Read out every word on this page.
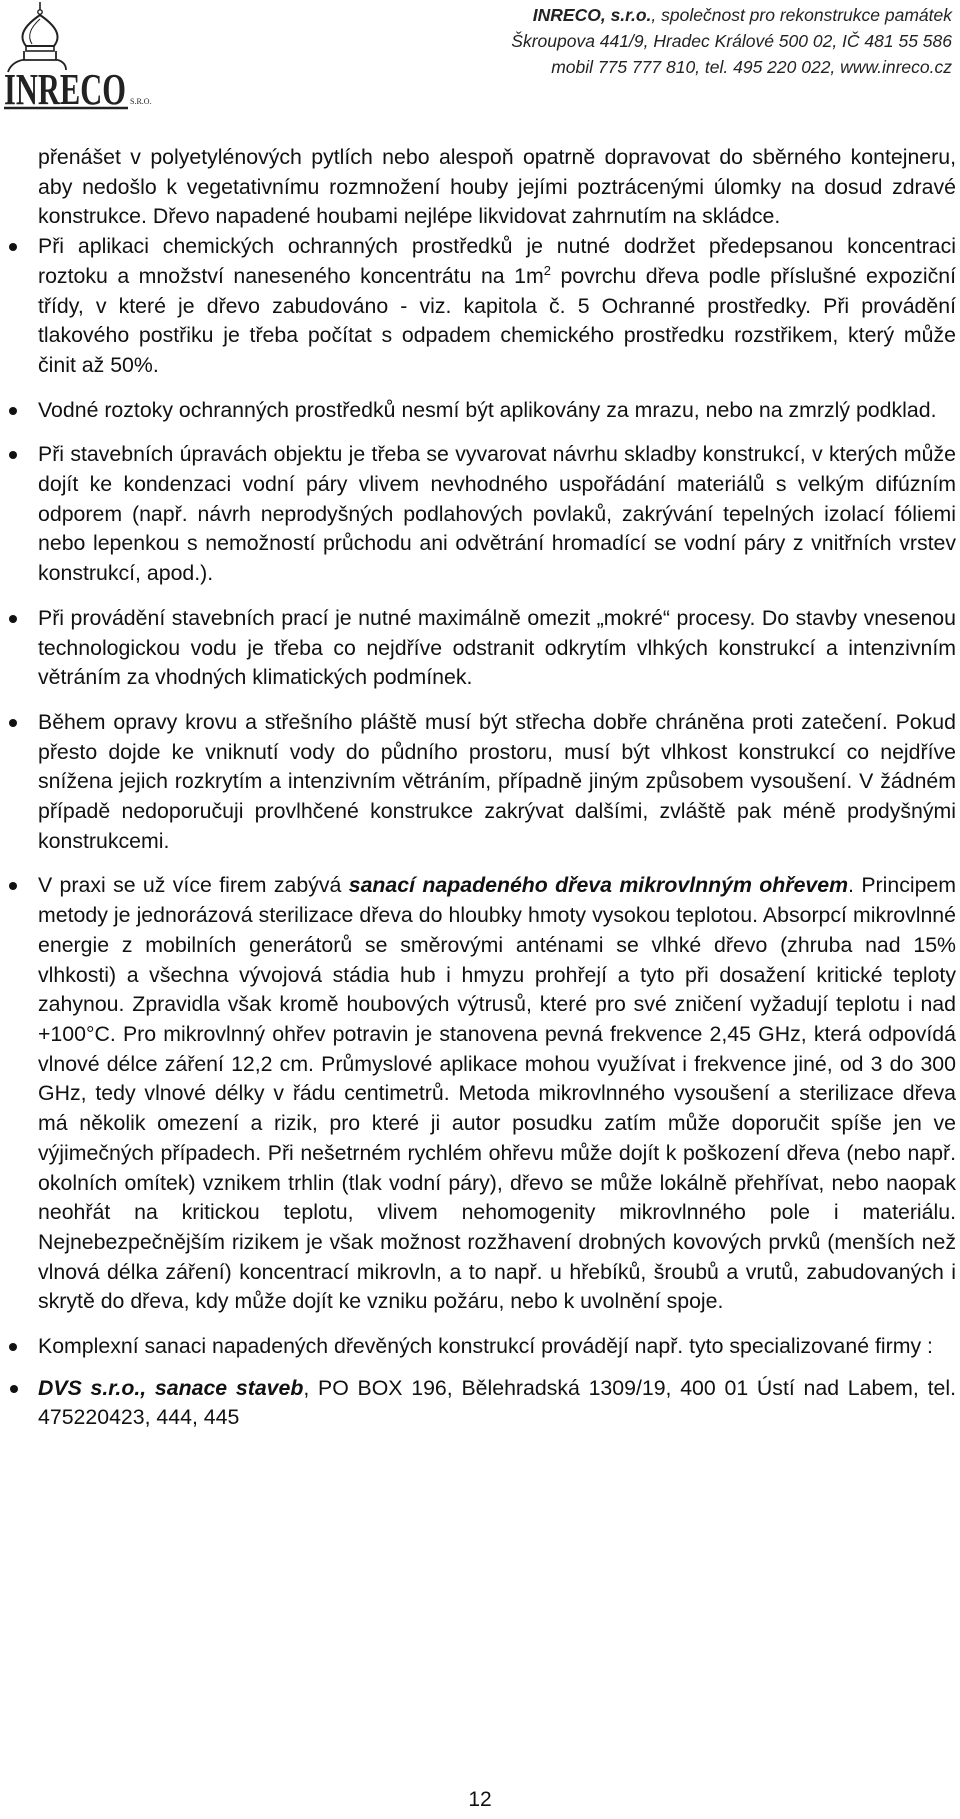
INRECO S.R.O.
INRECO, s.r.o., společnost pro rekonstrukce památek
Škroupova 441/9, Hradec Králové 500 02, IČ 481 55 586
mobil 775 777 810, tel. 495 220 022, www.inreco.cz

přenášet v polyetylénových pytlích nebo alespoň opatrně dopravovat do sběrného kontejneru, aby nedošlo k vegetativnímu rozmnožení houby jejími poztrácenými úlomky na dosud zdravé konstrukce. Dřevo napadené houbami nejlépe likvidovat zahrnutím na skládce.

Při aplikaci chemických ochranných prostředků je nutné dodržet předepsanou koncentraci roztoku a množství naneseného koncentrátu na $1m^2$ povrchu dřeva podle příslušné expoziční třídy, v které je dřevo zabudováno - viz. kapitola č. 5 Ochranné prostředky. Při provádění tlakového postřiku je třeba počítat s odpadem chemického prostředku rozstřikem, který může činit až 50%.
Vodné roztoky ochranných prostředků nesmí být aplikovány za mrazu, nebo na zmrzlý podklad.
Při stavebních úpravách objektu je třeba se vyvarovat návrhu skladby konstrukcí, v kterých může dojít ke kondenzaci vodní páry vlivem nevhodného uspořádání materiálů s velkým difúzním odporem (např. návrh neprodyšných podlahových povlaků, zakrývání tepelných izolací fóliemi nebo lepenkou s nemožností průchodu ani odvětrání hromadící se vodní páry z vnitřních vrstev konstrukcí, apod.).
Při provádění stavebních prací je nutné maximálně omezit „mokré“ procesy. Do stavby vnesenou technologickou vodu je třeba co nejdříve odstranit odkrytím vlhkých konstrukcí a intenzivním větráním za vhodných klimatických podmínek.
Během opravy krovu a střešního pláště musí být střecha dobře chráněna proti zatečení. Pokud přesto dojde ke vniknutí vody do půdního prostoru, musí být vlhkost konstrukcí co nejdříve snížena jejich rozkrytím a intenzivním větráním, případně jiným způsobem vysoušení. V žádném případě nedoporučuji provlhčené konstrukce zakrývat dalšími, zvláště pak méně prodyšnými konstrukcemi.
V praxi se už více firem zabývá sanací napadeného dřeva mikrovlnným ohřevem. Principem metody je jednorázová sterilizace dřeva do hloubky hmoty vysokou teplotou. Absorpcí mikrovlnné energie z mobilních generátorů se směrovými anténami se vlhké dřevo (zhruba nad 15% vlhkosti) a všechna vývojová stádia hub i hmyzu prohřejí a tyto při dosažení kritické teploty zahynou. Zpravidla však kromě houbových výtrusů, které pro své zničení vyžadují teplotu i nad +100°C. Pro mikrovlnný ohřev potravin je stanovena pevná frekvence 2,45 GHz, která odpovídá vlnové délce záření 12,2 cm. Průmyslové aplikace mohou využívat i frekvence jiné, od 3 do 300 GHz, tedy vlnové délky v řádu centimetrů. Metoda mikrovlnného vysoušení a sterilizace dřeva má několik omezení a rizik, pro které ji autor posudku zatím může doporučit spíše jen ve výjimečných případech. Při nešetrném rychlém ohřevu může dojít k poškození dřeva (nebo např. okolních omítek) vznikem trhlin (tlak vodní páry), dřevo se může lokálně přehřívat, nebo naopak neohřát na kritickou teplotu, vlivem nehomogenity mikrovlnného pole i materiálu. Nejnebezpečnějším rizikem je však možnost rozžhavení drobných kovových prvků (menších než vlnová délka záření) koncentrací mikrovln, a to např. u hřebíků, šroubů a vrutů, zabudovaných i skrytě do dřeva, kdy může dojít ke vzniku požáru, nebo k uvolnění spoje.
Komplexní sanaci napadených dřevěných konstrukcí provádějí např. tyto specializované firmy :
DVS s.r.o., sanace staveb, PO BOX 196, Bělehradská 1309/19, 400 01 Ústí nad Labem, tel. 475220423, 444, 445
12
